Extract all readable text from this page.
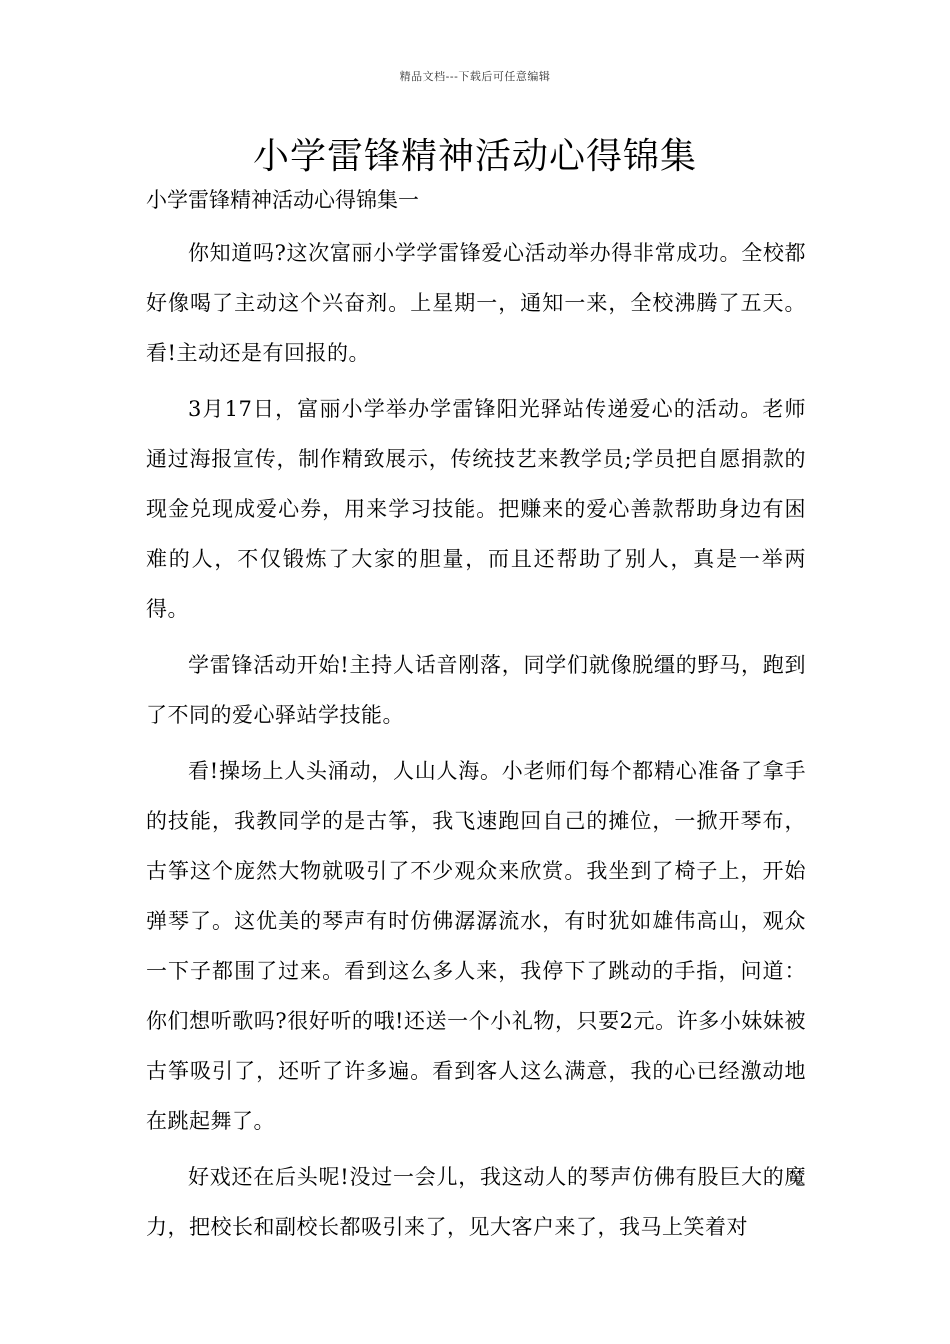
精品文档---下载后可任意编辑
小学雷锋精神活动心得锦集

小学雷锋精神活动心得锦集一

你知道吗?这次富丽小学学雷锋爱心活动举办得非常成功。全校都好像喝了主动这个兴奋剂。上星期一，通知一来，全校沸腾了五天。看!主动还是有回报的。

3月17日，富丽小学举办学雷锋阳光驿站传递爱心的活动。老师通过海报宣传，制作精致展示，传统技艺来教学员;学员把自愿捐款的现金兑现成爱心券，用来学习技能。把赚来的爱心善款帮助身边有困难的人，不仅锻炼了大家的胆量，而且还帮助了别人，真是一举两得。

学雷锋活动开始!主持人话音刚落，同学们就像脱缰的野马，跑到了不同的爱心驿站学技能。

看!操场上人头涌动，人山人海。小老师们每个都精心准备了拿手的技能，我教同学的是古筝，我飞速跑回自己的摊位，一掀开琴布，古筝这个庞然大物就吸引了不少观众来欣赏。我坐到了椅子上，开始弹琴了。这优美的琴声有时仿佛潺潺流水，有时犹如雄伟高山，观众一下子都围了过来。看到这么多人来，我停下了跳动的手指，问道：你们想听歌吗?很好听的哦!还送一个小礼物，只要2元。许多小妹妹被古筝吸引了，还听了许多遍。看到客人这么满意，我的心已经激动地在跳起舞了。

好戏还在后头呢!没过一会儿，我这动人的琴声仿佛有股巨大的魔力，把校长和副校长都吸引来了，见大客户来了，我马上笑着对
